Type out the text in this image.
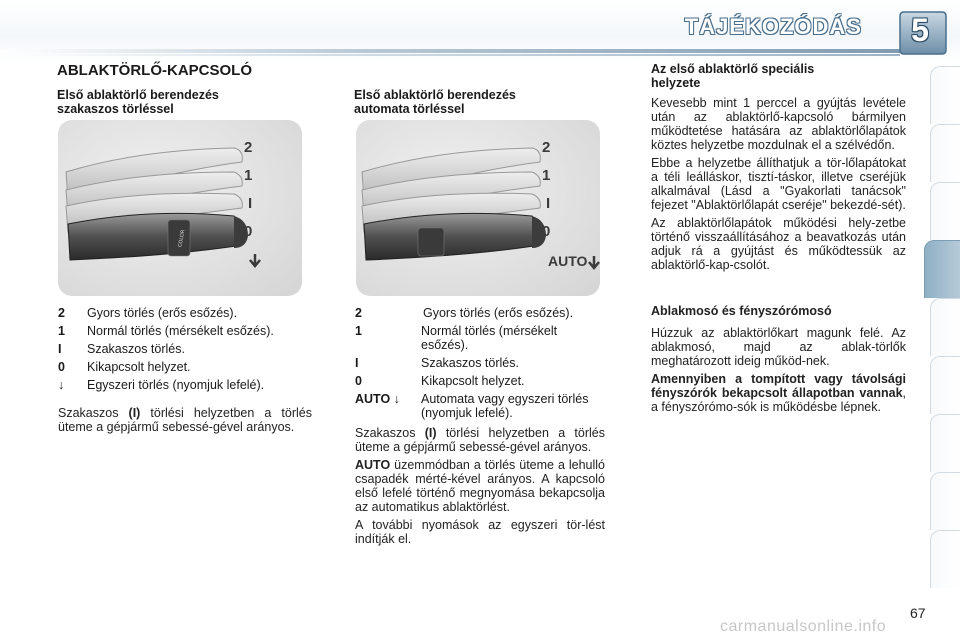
TÁJÉKOZÓDÁS	5
ABLAKTÖRLŐ-KAPCSOLÓ
Első ablaktörlő berendezés
szakaszos törléssel
COLOR
2
1
I
0
2	Gyors törlés (erős esőzés).
1	Normál törlés (mérsékelt esőzés).
I	Szakaszos törlés.
0	Kikapcsolt helyzet.
↓	Egyszeri törlés (nyomjuk lefelé).

Szakaszos (I) törlési helyzetben a törlés üteme a gépjármű sebessé-gével arányos.

Első ablaktörlő berendezés
automata törléssel
2
1
I
0
AUTO
2	Gyors törlés (erős esőzés).
1	Normál törlés (mérsékelt esőzés).
I	Szakaszos törlés.
0	Kikapcsolt helyzet.
AUTO ↓	Automata vagy egyszeri törlés (nyomjuk lefelé).

Szakaszos (I) törlési helyzetben a törlés üteme a gépjármű sebessé-gével arányos.

AUTO üzemmódban a törlés üteme a lehulló csapadék mérté-kével arányos. A kapcsoló első lefelé történő megnyomása bekapcsolja az automatikus ablaktörlést.

A további nyomások az egyszeri tör-lést indítják el.

Az első ablaktörlő speciális
helyzete

Kevesebb mint 1 perccel a gyújtás levétele után az ablaktörlő-kapcsoló bármilyen működtetése hatására az ablaktörlőlapátok köztes helyzetbe mozdulnak el a szélvédőn.

Ebbe a helyzetbe állíthatjuk a tör-lőlapátokat a téli leálláskor, tisztí-táskor, illetve cseréjük alkalmával (Lásd a "Gyakorlati tanácsok" fejezet "Ablaktörlőlapát cseréje" bekezdé-sét).

Az ablaktörlőlapátok működési hely-zetbe történő visszaállításához a beavatkozás után adjuk rá a gyújtást és működtessük az ablaktörlő-kap-csolót.

Ablakmosó és fényszórómosó

Húzzuk az ablaktörlőkart magunk felé. Az ablakmosó, majd az ablak-törlők meghatározott ideig működ-nek.

Amennyiben a tompított vagy távolsági fényszórók bekapcsolt állapotban vannak, a fényszórómo-sók is működésbe lépnek.

67
carmanualsonline.info
